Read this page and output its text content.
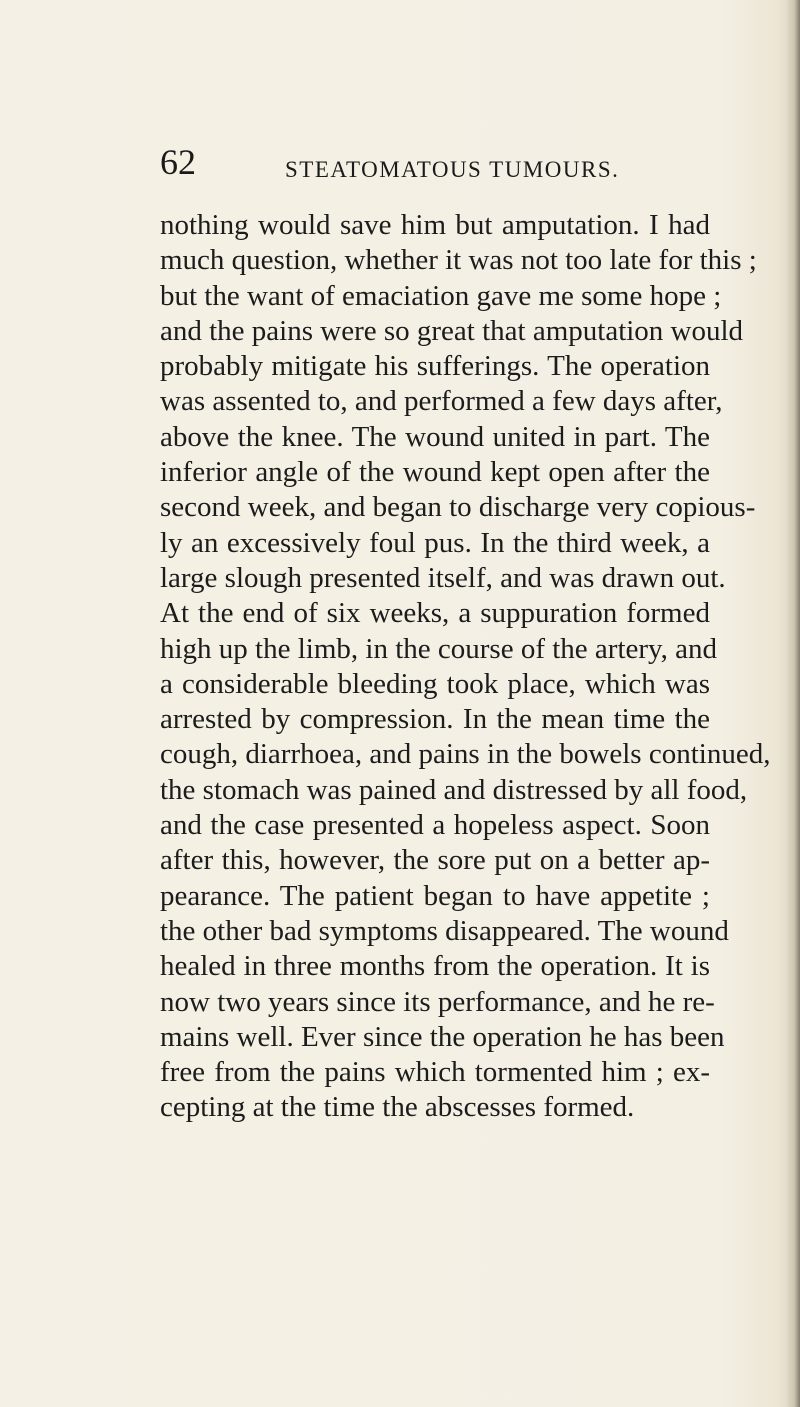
62	STEATOMATOUS TUMOURS.
nothing would save him but amputation. I had
much question, whether it was not too late for this ;
but the want of emaciation gave me some hope ;
and the pains were so great that amputation would
probably mitigate his sufferings. The operation
was assented to, and performed a few days after,
above the knee. The wound united in part. The
inferior angle of the wound kept open after the
second week, and began to discharge very copious-
ly an excessively foul pus. In the third week, a
large slough presented itself, and was drawn out.
At the end of six weeks, a suppuration formed
high up the limb, in the course of the artery, and
a considerable bleeding took place, which was
arrested by compression. In the mean time the
cough, diarrhoea, and pains in the bowels continued,
the stomach was pained and distressed by all food,
and the case presented a hopeless aspect. Soon
after this, however, the sore put on a better ap-
pearance. The patient began to have appetite ;
the other bad symptoms disappeared. The wound
healed in three months from the operation. It is
now two years since its performance, and he re-
mains well. Ever since the operation he has been
free from the pains which tormented him ; ex-
cepting at the time the abscesses formed.
